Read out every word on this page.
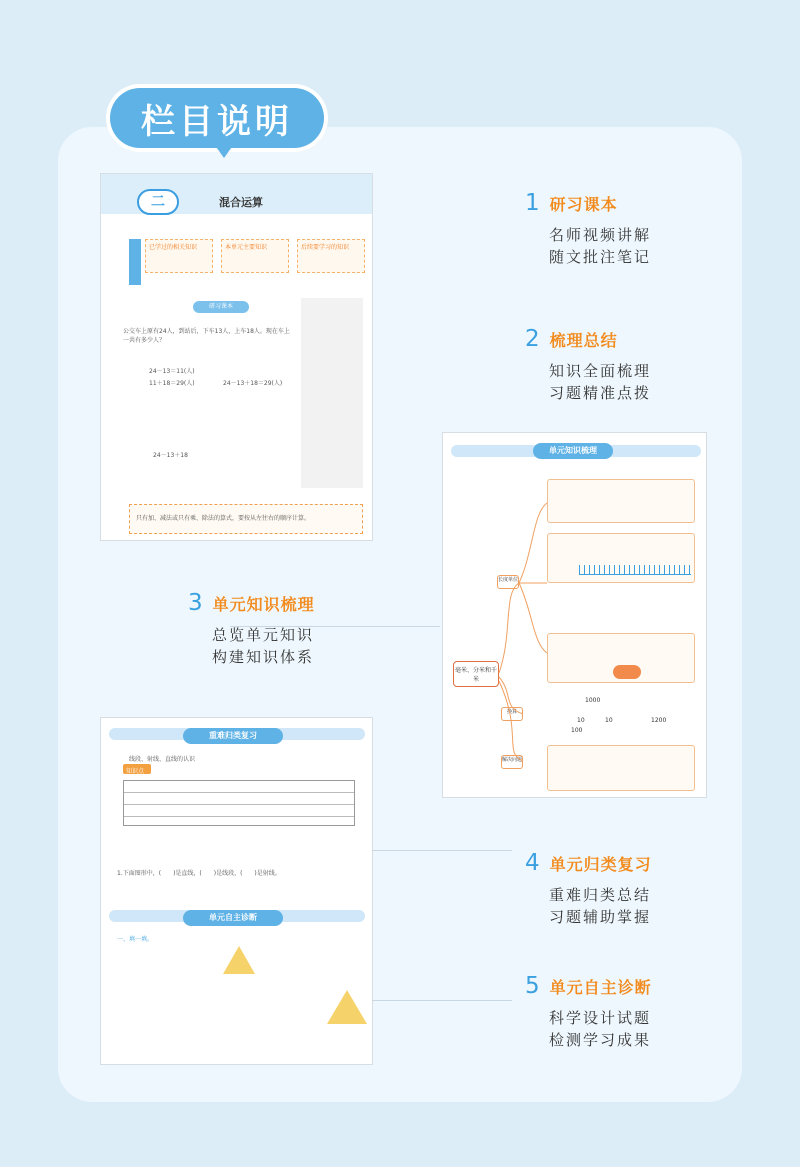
栏目说明
二	混合运算
已学过的相关知识	本单元主要知识	后续要学习的知识
研习课本
公交车上原有24人，到站后，下车13人，上车18人。现在车上一共有多少人？
24－13＝11(人)
11＋18＝29(人)	24－13＋18＝29(人)
24－13＋18
只有加、减法或只有乘、除法的算式，要按从左往右的顺序计算。
单元知识梳理
毫米、分米和千米
长度单位
换算
解决问题
1000
10	10
100
1200
重难归类复习
线段、射线、直线的认识
知识点
1.下面图形中，(　　)是直线，(　　)是线段，(　　)是射线。
单元自主诊断
一、填一填。
1 研习课本
名师视频讲解
随文批注笔记
2 梳理总结
知识全面梳理
习题精准点拨
3 单元知识梳理
总览单元知识
构建知识体系
4 单元归类复习
重难归类总结
习题辅助掌握
5 单元自主诊断
科学设计试题
检测学习成果
